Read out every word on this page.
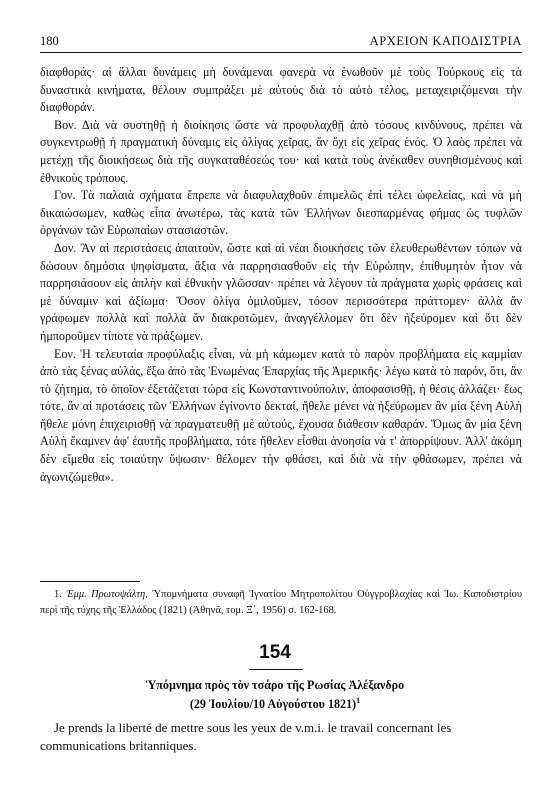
180	ΑΡΧΕΙΟΝ ΚΑΠΟΔΙΣΤΡΙΑ

διαφθοράς· αἱ ἄλλαι δυνάμεις μὴ δυνάμεναι φανερὰ νὰ ἑνωθοῦν μὲ τοὺς Τούρκους εἰς τὰ δυναστικὰ κινήματα, θέλουν συμπράξει μὲ αὐτοὺς διὰ τὸ αὐτὸ τέλος, μεταχειριζόμεναι τὴν διαφθοράν.

Βον. Διὰ νὰ συστηθῇ ἡ διοίκησις ὥστε νὰ προφυλαχθῇ ἀπὸ τόσους κινδύνους, πρέπει νὰ συγκεντρωθῇ ἡ πραγματικὴ δύναμις εἰς ὀλίγας χεῖρας, ἄν ὄχι εἰς χεῖρας ἑνός. Ὁ λαὸς πρέπει νὰ μετέχῃ τῆς διοικήσεως διὰ τῆς συγκαταθέσεώς του· καὶ κατὰ τοὺς ἀνέκαθεν συνηθισμένους καὶ ἐθνικοὺς τρόπους.

Γον. Τὰ παλαιὰ σχήματα ἔπρεπε νὰ διαφυλαχθοῦν ἐπιμελῶς ἐπὶ τέλει ὠφελείας, καὶ νὰ μὴ δικαιώσωμεν, καθὼς εἶπα ἀνωτέρω, τὰς κατὰ τῶν Ἑλλήνων διεσπαρμένας φήμας ὡς τυφλῶν ὀργάνων τῶν Εὐρωπαίων στασιαστῶν.

Δον. Ἂν αἱ περιστάσεις ἀπαιτοῦν, ὥστε καὶ αἱ νέαι διοικήσεις τῶν ἐλευθερωθέντων τόπων νὰ δώσουν δημόσια ψηφίσματα, ἄξια νὰ παρρησιασθοῦν εἰς τὴν Εὐρώπην, ἐπιθυμητὸν ἦτον νὰ παρρησιάσουν εἰς ἁπλὴν καὶ ἐθνικὴν γλῶσσαν· πρέπει νὰ λέγουν τὰ πράγματα χωρὶς φράσεις καὶ μὲ δύναμιν καὶ ἀξίωμα· Ὅσον ὀλίγα ὁμιλοῦμεν, τόσον περισσότερα πράττομεν· ἀλλὰ ἄν γράφωμεν πολλὰ καὶ πολλὰ ἄν διακροτῶμεν, ἀναγγέλλομεν ὅτι δὲν ἠξεύρομεν καὶ ὅτι δὲν ἠμποροῦμεν τίποτε νὰ πράξωμεν.

Εον. Ἡ τελευταία προφύλαξις εἶναι, νὰ μὴ κάμωμεν κατὰ τὸ παρὸν προβλήματα εἰς καμμίαν ἀπὸ τὰς ξένας αὐλάς, ἔξω ἀπὸ τὰς Ἑνωμένας Ἐπαρχίας τῆς Ἀμερικῆς· λέγω κατὰ τὸ παρόν, ὅτι, ἂν τὸ ζήτημα, τὸ ὁποῖον ἐξετάζεται τώρα εἰς Κωνσταντινούπολιν, ἀποφασισθῇ, ἡ θέσις ἀλλάζει· ἕως τότε, ἂν αἱ προτάσεις τῶν Ἑλλήνων ἐγίνοντο δεκταί, ἤθελε μένει νὰ ἠξεύρωμεν ἂν μία ξένη Αὐλὴ ἤθελε μόνη ἐπιχειρισθῇ νὰ πραγματευθῇ μὲ αὐτούς, ἔχουσα διάθεσιν καθαράν. Ὅμως ἂν μία ξένη Αὐλὴ ἔκαμνεν ἀφ' ἑαυτῆς προβλήματα, τότε ἤθελεν εἶσθαι ἀνοησία νὰ τ' ἀπορρίψουν. Ἀλλ' ἀκόμη δὲν εἴμεθα εἰς τοιαύτην ὕψωσιν· θέλομεν τὴν φθάσει, καὶ διὰ νὰ τὴν φθάσωμεν, πρέπει νὰ ἀγωνιζώμεθα».

1. Ἐμμ. Πρωτοψάλτη, Ὑπομνήματα συναφῆ Ἰγνατίου Μητροπολίτου Οὐγγροβλαχίας καὶ Ἰω. Καποδιστρίου περὶ τῆς τύχης τῆς Ἑλλάδος (1821) (Ἀθηνᾶ, τομ. Ξ΄, 1956) σ. 162-168.

154

Ὑπόμνημα πρὸς τὸν τσάρο τῆς Ρωσίας Ἀλέξανδρο

(29 Ἰουλίου/10 Αὐγούστου 1821)$^1$

Je prends la liberté de mettre sous les yeux de v.m.i. le travail concernant les communications britanniques.
